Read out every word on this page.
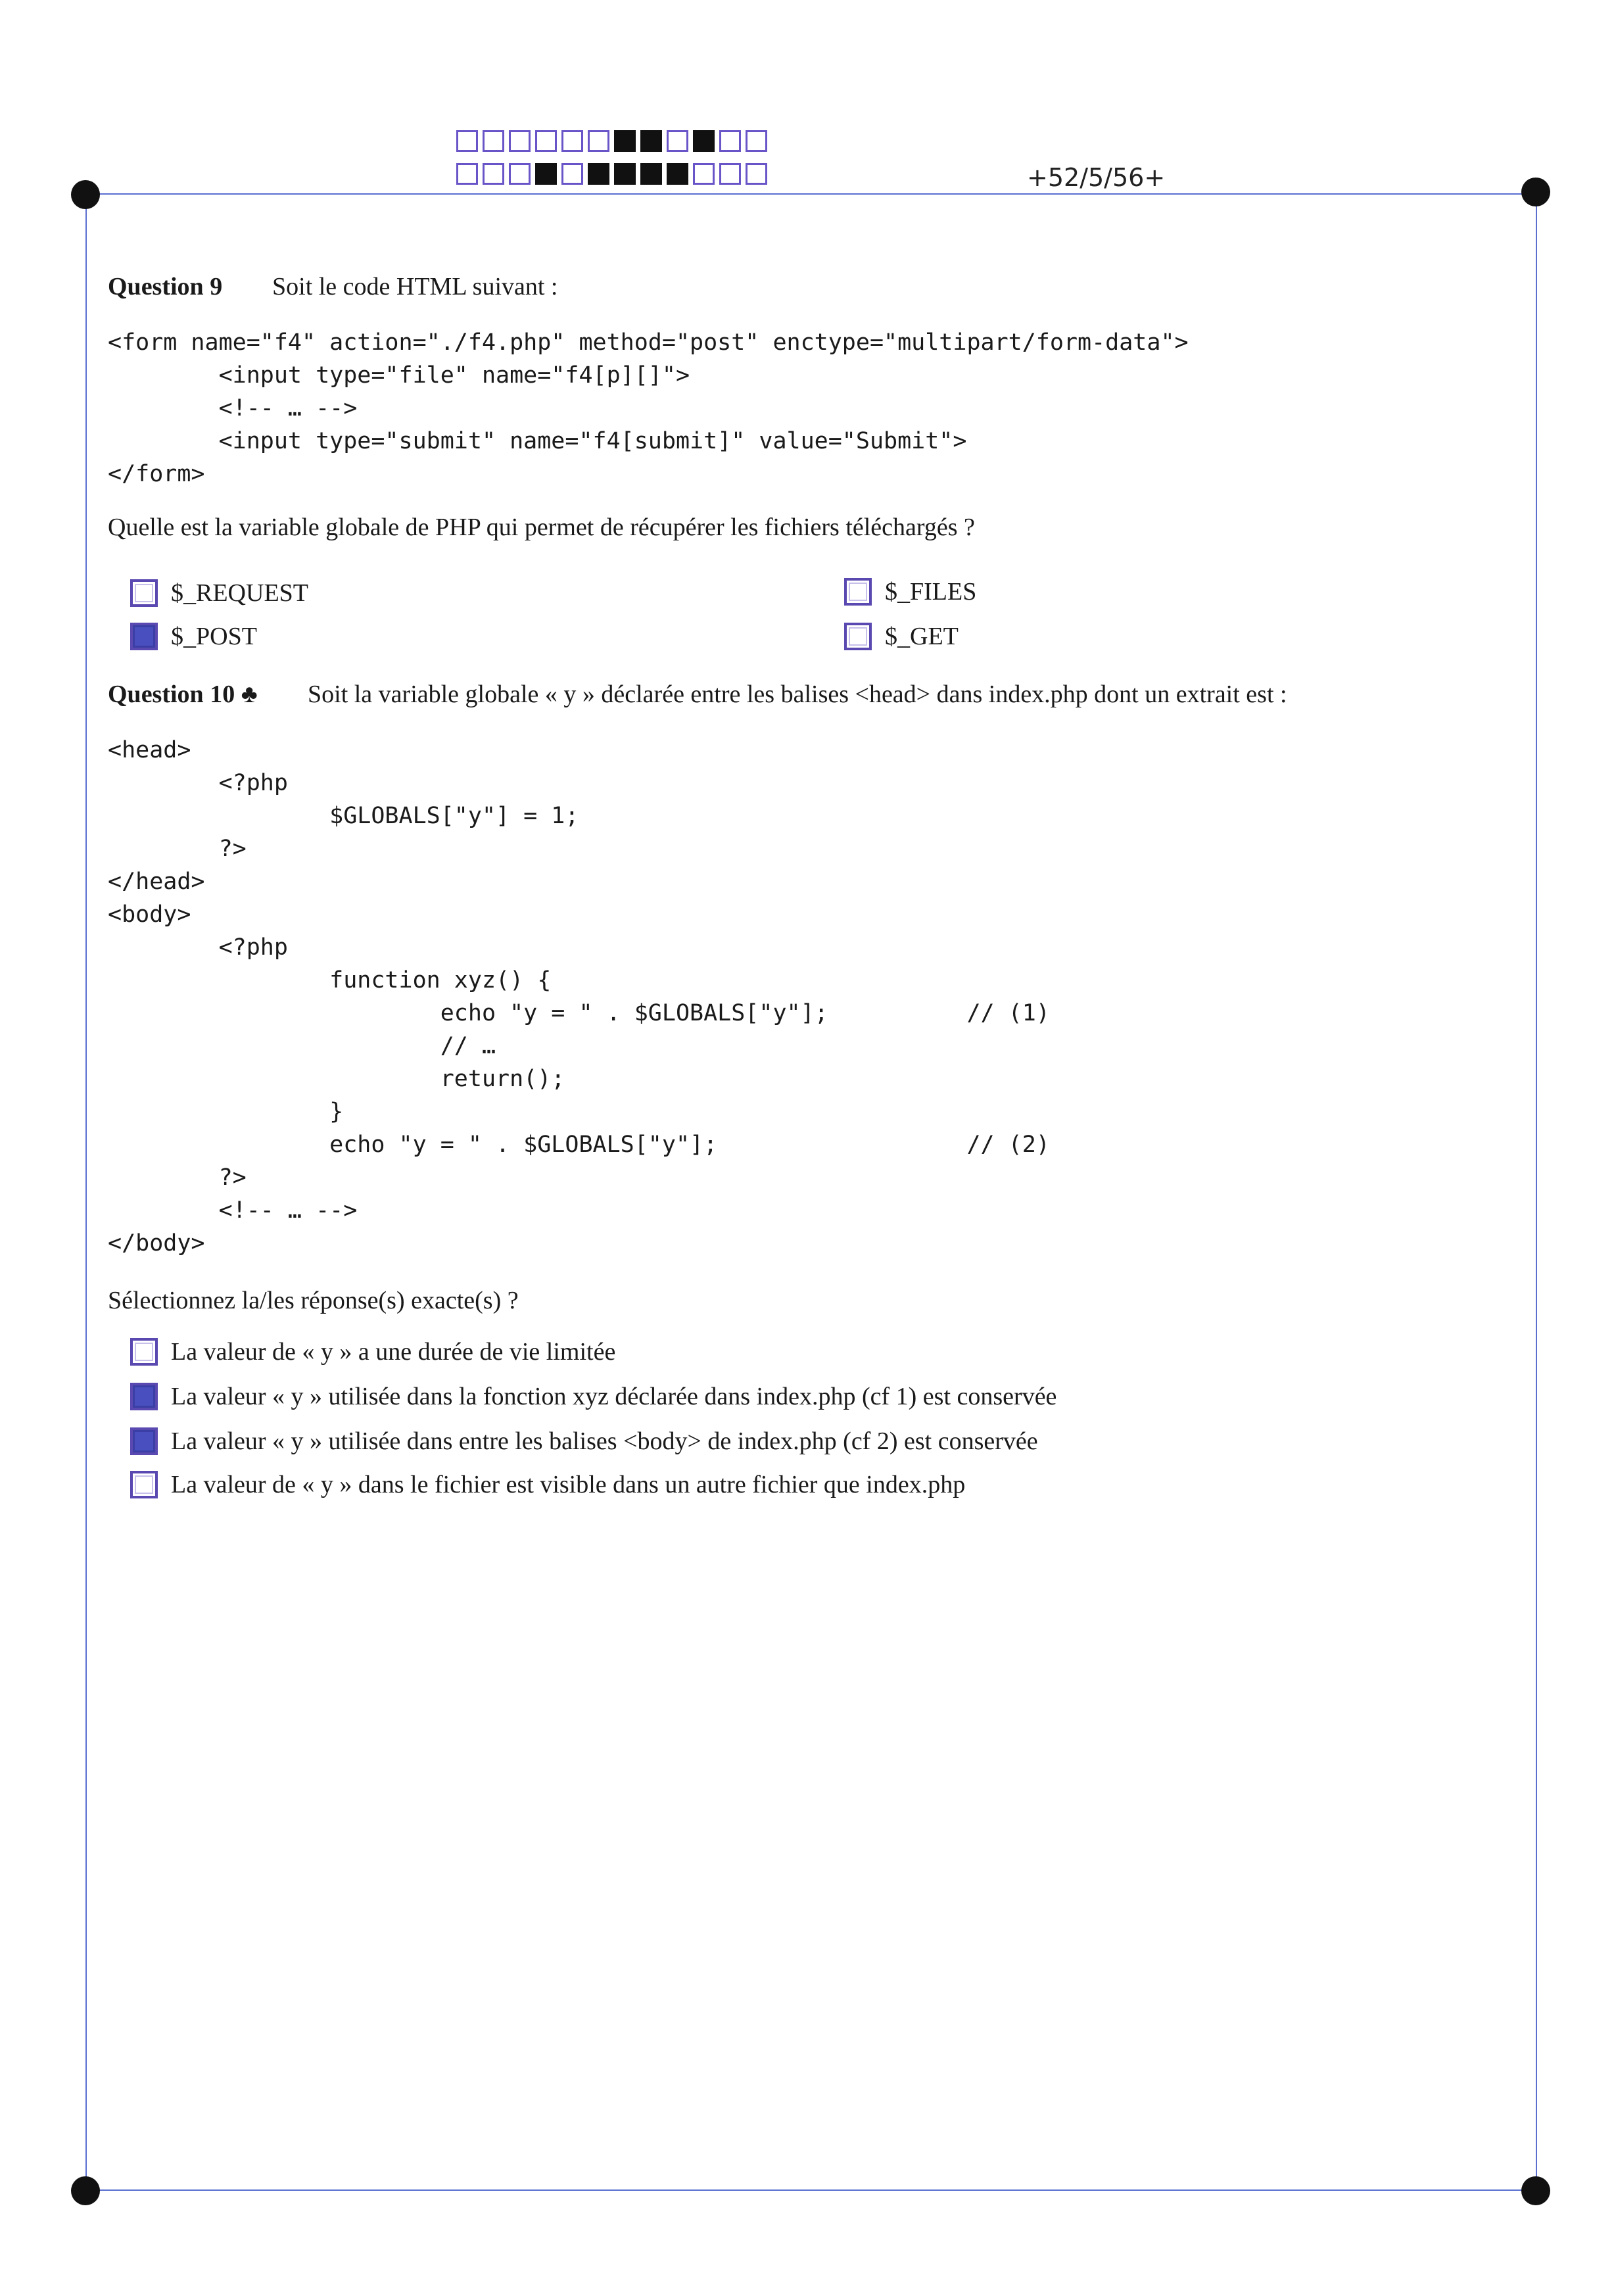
+52/5/56+
Question 9 Soit le code HTML suivant :
<form name="f4" action="./f4.php" method="post" enctype="multipart/form-data">
<input type="file" name="f4[p][]">
<!-- … -->
<input type="submit" name="f4[submit]" value="Submit">
</form>
Quelle est la variable globale de PHP qui permet de récupérer les fichiers téléchargés ?
$_REQUEST	$_FILES
$_POST	$_GET
Question 10 ♣ Soit la variable globale « y » déclarée entre les balises <head> dans index.php dont un extrait est :
<head>
<?php
$GLOBALS["y"] = 1;
?>
</head>
<body>
<?php
function xyz() {
echo "y = " . $GLOBALS["y"];          // (1)
// …
return();
}
echo "y = " . $GLOBALS["y"];                  // (2)
?>
<!-- … -->
</body>
Sélectionnez la/les réponse(s) exacte(s) ?
La valeur de « y » a une durée de vie limitée
La valeur « y » utilisée dans la fonction xyz déclarée dans index.php (cf 1) est conservée
La valeur « y » utilisée dans entre les balises <body> de index.php (cf 2) est conservée
La valeur de « y » dans le fichier est visible dans un autre fichier que index.php
